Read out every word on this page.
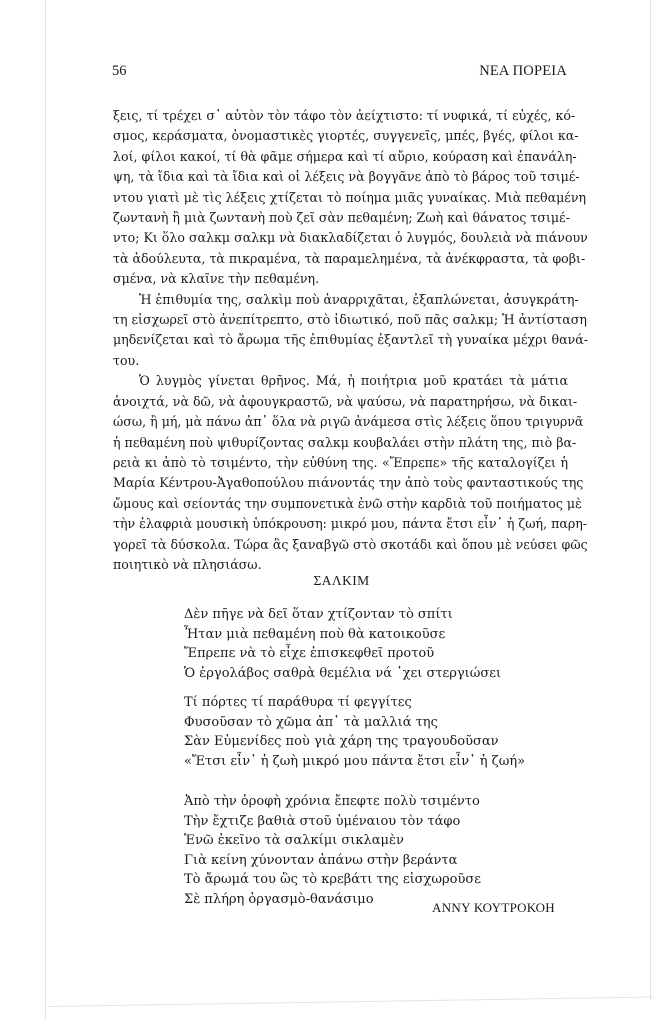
56	ΝΕΑ ΠΟΡΕΙΑ
ξεις, τί τρέχει σ᾽ αὐτὸν τὸν τάφο τὸν ἀείχτιστο: τί νυφικά, τί εὐχές, κό-
σμος, κεράσματα, ὀνομαστικὲς γιορτές, συγγενεῖς, μπές, βγές, φίλοι κα-
λοί, φίλοι κακοί, τί θὰ φᾶμε σήμερα καὶ τί αὔριο, κούραση καὶ ἐπανάλη-
ψη, τὰ ἴδια καὶ τὰ ἴδια καὶ οἱ λέξεις νὰ βογγᾶνε ἀπὸ τὸ βάρος τοῦ τσιμέ-
ντου γιατὶ μὲ τὶς λέξεις χτίζεται τὸ ποίημα μιᾶς γυναίκας. Μιὰ πεθαμένη
ζωντανὴ ἢ μιὰ ζωντανὴ ποὺ ζεῖ σὰν πεθαμένη; Ζωὴ καὶ θάνατος τσιμέ-
ντο; Κι ὅλο σαλκμ σαλκμ νὰ διακλαδίζεται ὁ λυγμός, δουλειὰ νὰ πιάνουν
τὰ ἀδούλευτα, τὰ πικραμένα, τὰ παραμελημένα, τὰ ἀνέκφραστα, τὰ φοβι-
σμένα, νὰ κλαῖνε τὴν πεθαμένη.
Ἡ ἐπιθυμία της, σαλκὶμ ποὺ ἀναρριχᾶται, ἐξαπλώνεται, ἀσυγκράτη-
τη εἰσχωρεῖ στὸ ἀνεπίτρεπτο, στὸ ἰδιωτικό, ποῦ πᾶς σαλκμ; Ἡ ἀντίσταση
μηδενίζεται καὶ τὸ ἄρωμα τῆς ἐπιθυμίας ἐξαντλεῖ τὴ γυναίκα μέχρι θανά-
του.
Ὁ λυγμὸς γίνεται θρῆνος. Μά, ἡ ποιήτρια μοῦ κρατάει τὰ μάτια
ἀνοιχτά, νὰ δῶ, νὰ ἀφουγκραστῶ, νὰ ψαύσω, νὰ παρατηρήσω, νὰ δικαι-
ώσω, ἢ μή, μὰ πάνω ἀπ᾽ ὅλα νὰ ριγῶ ἀνάμεσα στὶς λέξεις ὅπου τριγυρνᾶ
ἡ πεθαμένη ποὺ ψιθυρίζοντας σαλκμ κουβαλάει στὴν πλάτη της, πιὸ βα-
ρειὰ κι ἀπὸ τὸ τσιμέντο, τὴν εὐθύνη της. «Ἔπρεπε» τῆς καταλογίζει ἡ
Μαρία Κέντρου-Ἀγαθοπούλου πιάνοντάς την ἀπὸ τοὺς φανταστικούς της
ὤμους καὶ σείοντάς την συμπονετικὰ ἐνῶ στὴν καρδιὰ τοῦ ποιήματος μὲ
τὴν ἐλαφριὰ μουσικὴ ὑπόκρουση: μικρό μου, πάντα ἔτσι εἶν᾽ ἡ ζωή, παρη-
γορεῖ τὰ δύσκολα. Τώρα ἂς ξαναβγῶ στὸ σκοτάδι καὶ ὅπου μὲ νεύσει φῶς
ποιητικὸ νὰ πλησιάσω.
ΣΑΛΚΙΜ
Δὲν πῆγε νὰ δεῖ ὅταν χτίζονταν τὸ σπίτι
Ἦταν μιὰ πεθαμένη ποὺ θὰ κατοικοῦσε
Ἔπρεπε νὰ τὸ εἶχε ἐπισκεφθεῖ προτοῦ
Ὁ ἐργολάβος σαθρὰ θεμέλια νά ᾽χει στεργιώσει
Τί πόρτες τί παράθυρα τί φεγγίτες
Φυσοῦσαν τὸ χῶμα ἀπ᾽ τὰ μαλλιά της
Σὰν Εὐμενίδες ποὺ γιὰ χάρη της τραγουδοῦσαν
«Ἔτσι εἶν᾽ ἡ ζωὴ μικρό μου πάντα ἔτσι εἶν᾽ ἡ ζωή»
Ἀπὸ τὴν ὀροφὴ χρόνια ἔπεφτε πολὺ τσιμέντο
Τὴν ἔχτιζε βαθιὰ στοῦ ὑμέναιου τὸν τάφο
Ἐνῶ ἐκεῖνο τὰ σαλκίμι σικλαμὲν
Γιὰ κείνη χύνονταν ἀπάνω στὴν βεράντα
Τὸ ἄρωμά του ὣς τὸ κρεβάτι της εἰσχωροῦσε
Σὲ πλήρη ὀργασμὸ-θανάσιμο
ΑΝΝΥ ΚΟΥΤΡΟΚΟΗ
